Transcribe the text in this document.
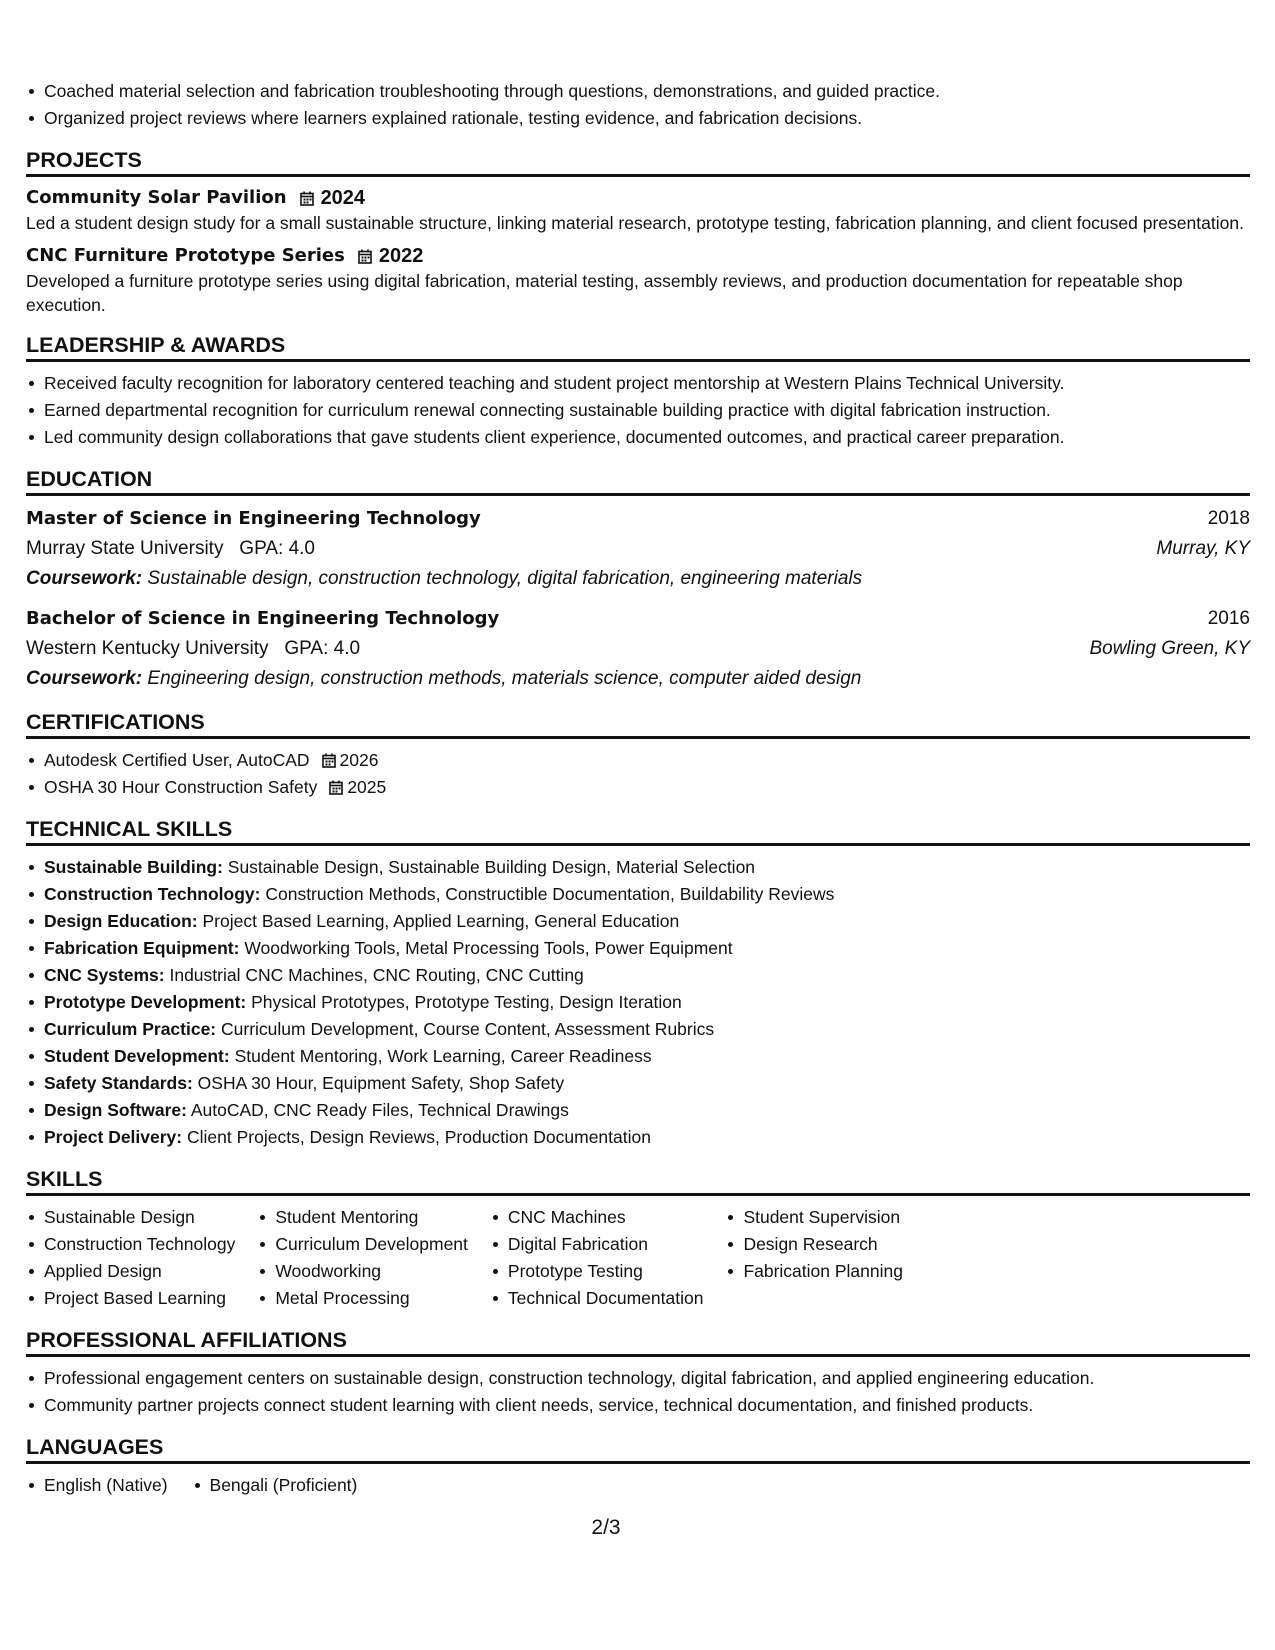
Coached material selection and fabrication troubleshooting through questions, demonstrations, and guided practice.
Organized project reviews where learners explained rationale, testing evidence, and fabrication decisions.
PROJECTS
Community Solar Pavilion 2024
Led a student design study for a small sustainable structure, linking material research, prototype testing, fabrication planning, and client focused presentation.
CNC Furniture Prototype Series 2022
Developed a furniture prototype series using digital fabrication, material testing, assembly reviews, and production documentation for repeatable shop execution.
LEADERSHIP & AWARDS
Received faculty recognition for laboratory centered teaching and student project mentorship at Western Plains Technical University.
Earned departmental recognition for curriculum renewal connecting sustainable building practice with digital fabrication instruction.
Led community design collaborations that gave students client experience, documented outcomes, and practical career preparation.
EDUCATION
Master of Science in Engineering Technology	2018
Murray State University GPA: 4.0	Murray, KY
Coursework: Sustainable design, construction technology, digital fabrication, engineering materials
Bachelor of Science in Engineering Technology	2016
Western Kentucky University GPA: 4.0	Bowling Green, KY
Coursework: Engineering design, construction methods, materials science, computer aided design
CERTIFICATIONS
Autodesk Certified User, AutoCAD 2026
OSHA 30 Hour Construction Safety 2025
TECHNICAL SKILLS
Sustainable Building: Sustainable Design, Sustainable Building Design, Material Selection
Construction Technology: Construction Methods, Constructible Documentation, Buildability Reviews
Design Education: Project Based Learning, Applied Learning, General Education
Fabrication Equipment: Woodworking Tools, Metal Processing Tools, Power Equipment
CNC Systems: Industrial CNC Machines, CNC Routing, CNC Cutting
Prototype Development: Physical Prototypes, Prototype Testing, Design Iteration
Curriculum Practice: Curriculum Development, Course Content, Assessment Rubrics
Student Development: Student Mentoring, Work Learning, Career Readiness
Safety Standards: OSHA 30 Hour, Equipment Safety, Shop Safety
Design Software: AutoCAD, CNC Ready Files, Technical Drawings
Project Delivery: Client Projects, Design Reviews, Production Documentation
SKILLS
Sustainable Design
Construction Technology
Applied Design
Project Based Learning
Student Mentoring
Curriculum Development
Woodworking
Metal Processing
CNC Machines
Digital Fabrication
Prototype Testing
Technical Documentation
Student Supervision
Design Research
Fabrication Planning
PROFESSIONAL AFFILIATIONS
Professional engagement centers on sustainable design, construction technology, digital fabrication, and applied engineering education.
Community partner projects connect student learning with client needs, service, technical documentation, and finished products.
LANGUAGES
English (Native)	Bengali (Proficient)
2/3
